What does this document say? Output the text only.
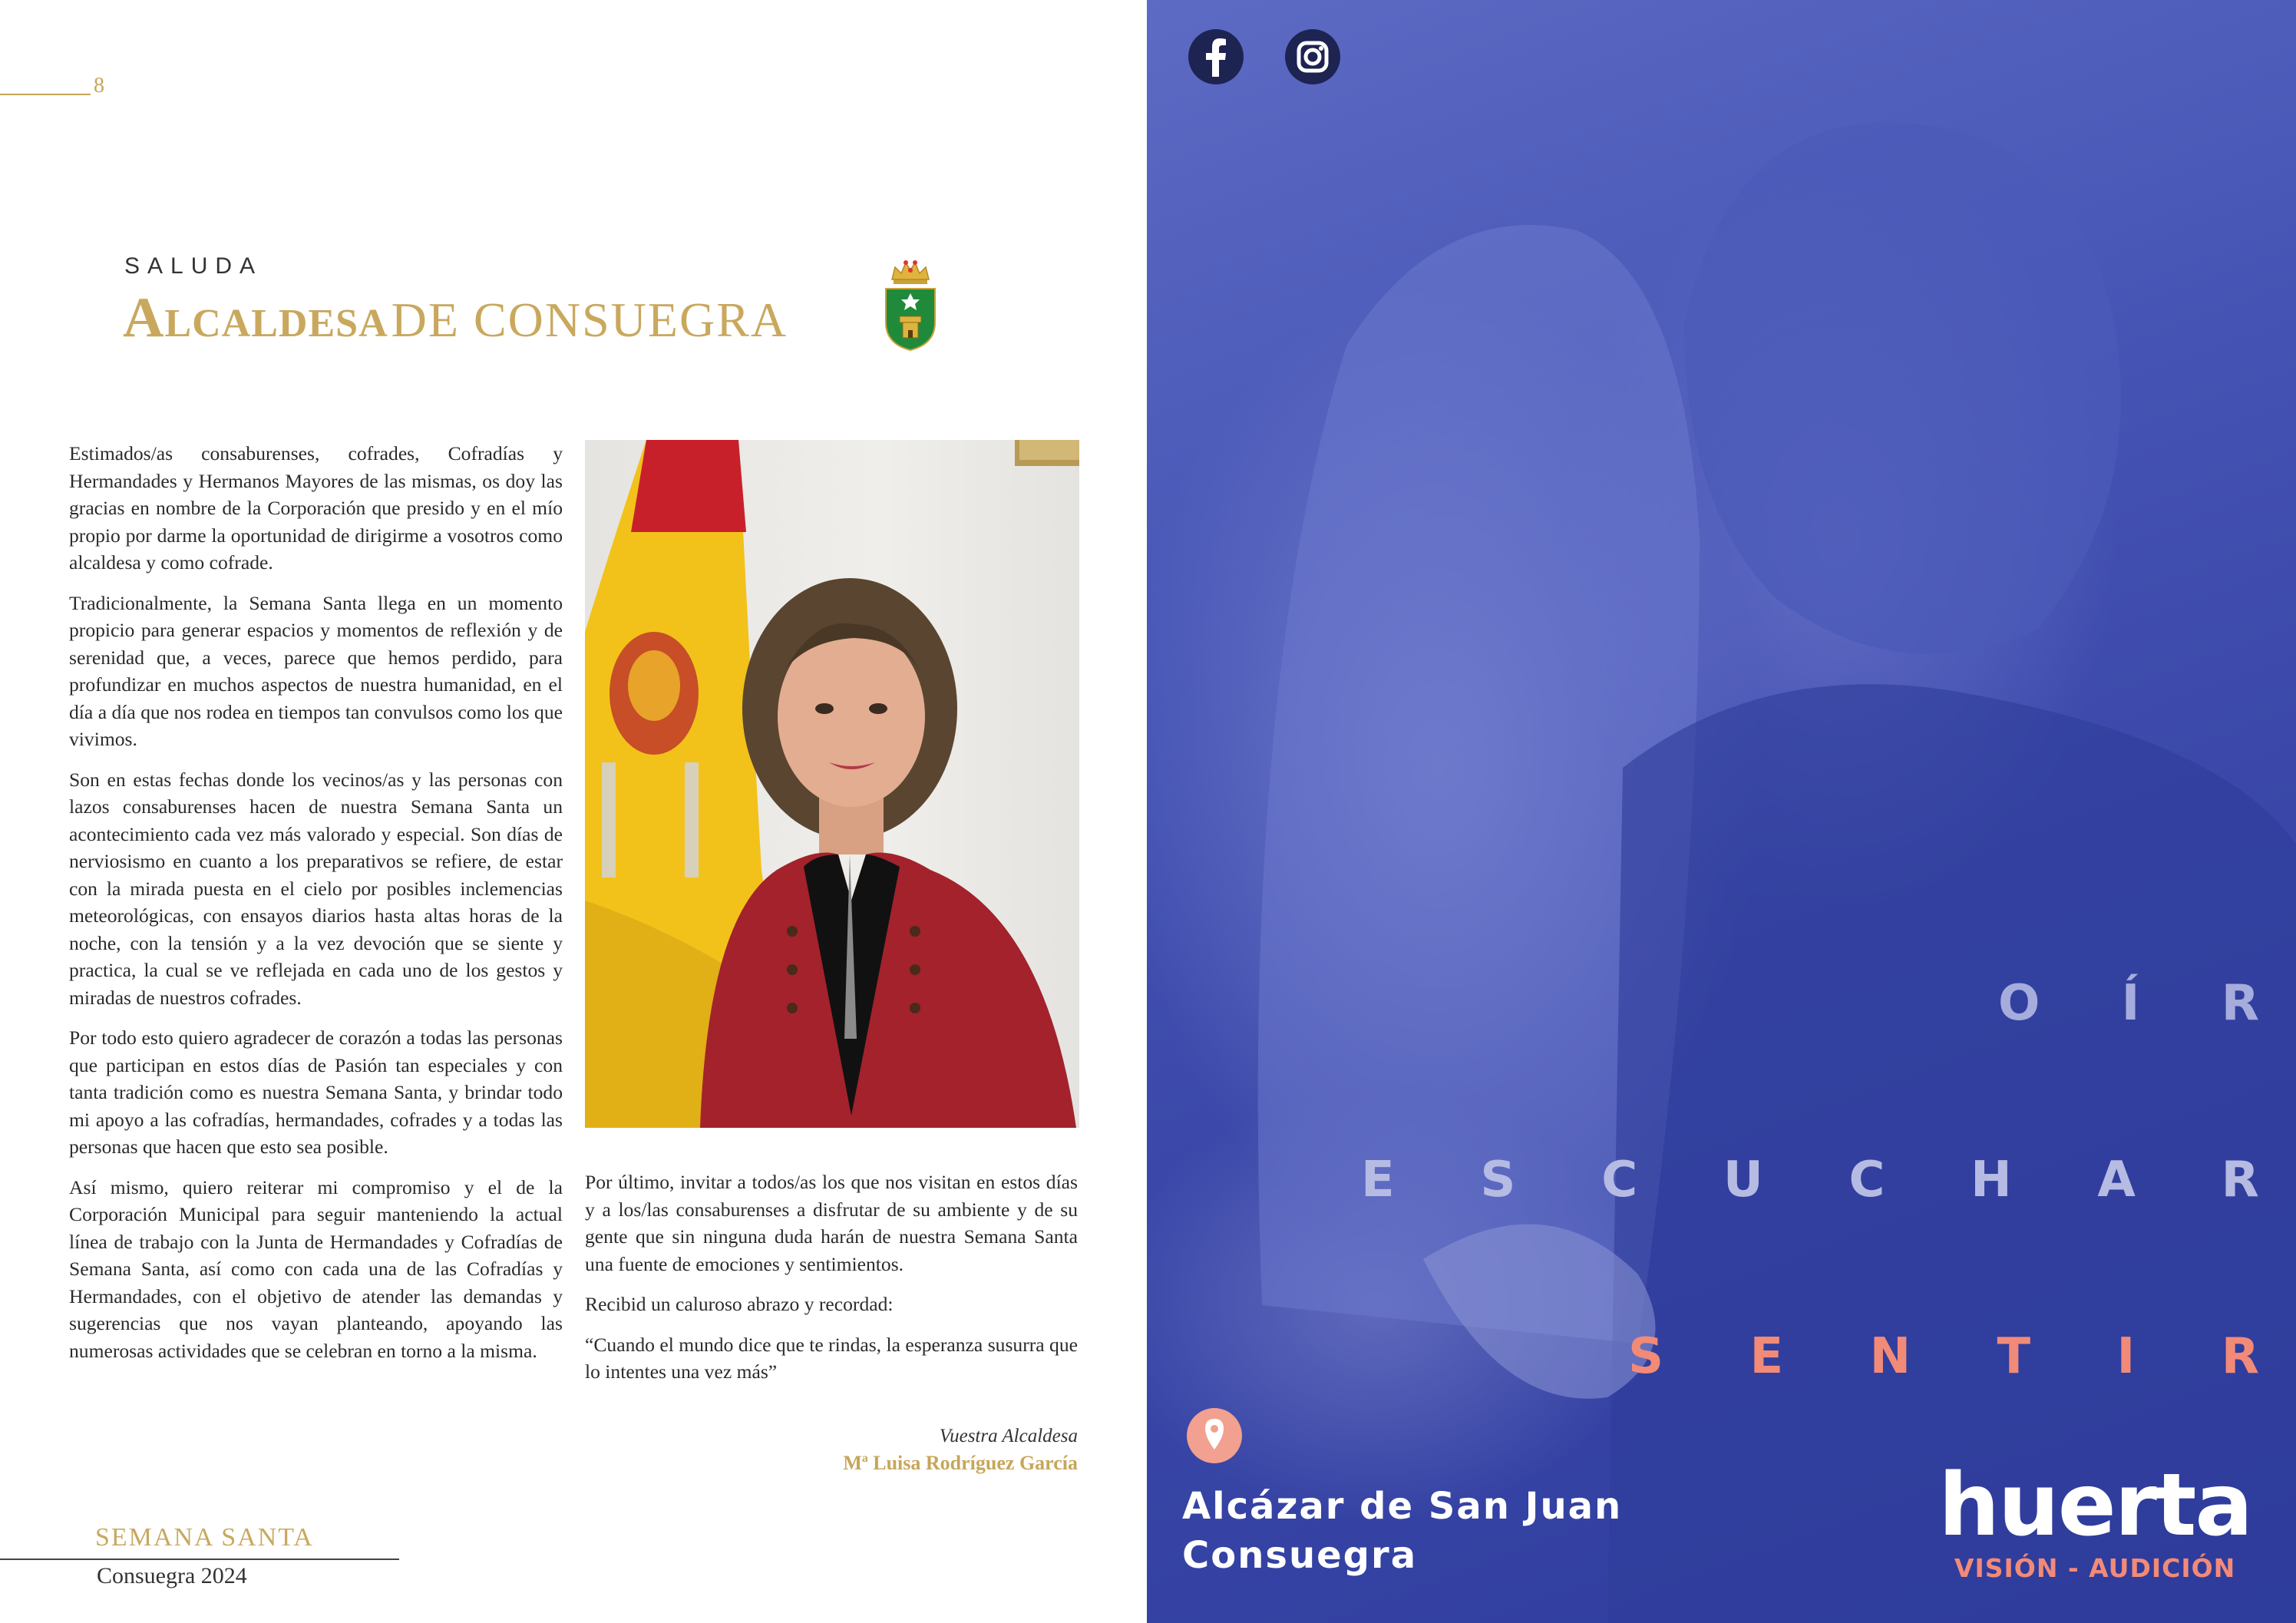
8
SALUDA
Alcaldesa DE CONSUEGRA

Estimados/as consaburenses, cofrades, Cofradías y Hermandades y Hermanos Mayores de las mismas, os doy las gracias en nombre de la Corporación que presido y en el mío propio por darme la oportunidad de dirigirme a vosotros como alcaldesa y como cofrade.

Tradicionalmente, la Semana Santa llega en un momento propicio para generar espacios y momentos de reflexión y de serenidad que, a veces, parece que hemos perdido, para profundizar en muchos aspectos de nuestra humanidad, en el día a día que nos rodea en tiempos tan convulsos como los que vivimos.

Son en estas fechas donde los vecinos/as y las personas con lazos consaburenses hacen de nuestra Semana Santa un acontecimiento cada vez más valorado y especial. Son días de nerviosismo en cuanto a los preparativos se refiere, de estar con la mirada puesta en el cielo por posibles inclemencias meteorológicas, con ensayos diarios hasta altas horas de la noche, con la tensión y a la vez devoción que se siente y practica, la cual se ve reflejada en cada uno de los gestos y miradas de nuestros cofrades.

Por todo esto quiero agradecer de corazón a todas las personas que participan en estos días de Pasión tan especiales y con tanta tradición como es nuestra Semana Santa, y brindar todo mi apoyo a las cofradías, hermandades, cofrades y a todas las personas que hacen que esto sea posible.

Así mismo, quiero reiterar mi compromiso y el de la Corporación Municipal para seguir manteniendo la actual línea de trabajo con la Junta de Hermandades y Cofradías de Semana Santa, así como con cada una de las Cofradías y Hermandades, con el objetivo de atender las demandas y sugerencias que nos vayan planteando, apoyando las numerosas actividades que se celebran en torno a la misma.

Por último, invitar a todos/as los que nos visitan en estos días y a los/las consaburenses a disfrutar de su ambiente y de su gente que sin ninguna duda harán de nuestra Semana Santa una fuente de emociones y sentimientos.

Recibid un caluroso abrazo y recordad:

“Cuando el mundo dice que te rindas, la esperanza susurra que lo intentes una vez más”

Vuestra Alcaldesa
Mª Luisa Rodríguez García
SEMANA SANTA
Consuegra 2024
O Í R
E S C U C H A R
S E N T I R
Alcázar de San Juan
Consuegra	huerta
VISIÓN - AUDICIÓN
